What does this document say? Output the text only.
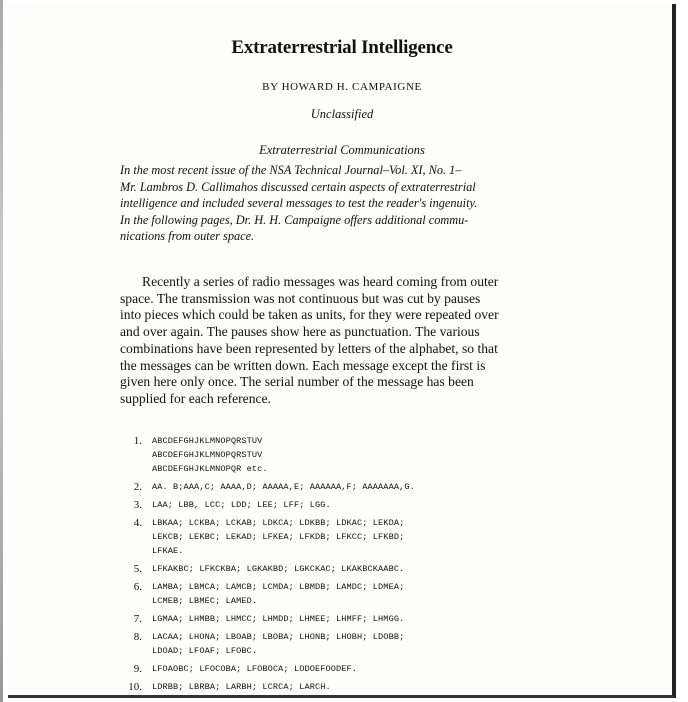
Extraterrestrial Intelligence
BY HOWARD H. CAMPAIGNE
Unclassified
Extraterrestrial Communications
In the most recent issue of the NSA Technical Journal–Vol. XI, No. 1–
Mr. Lambros D. Callimahos discussed certain aspects of extraterrestrial
intelligence and included several messages to test the reader's ingenuity.
In the following pages, Dr. H. H. Campaigne offers additional commu-
nications from outer space.
Recently a series of radio messages was heard coming from outer
space. The transmission was not continuous but was cut by pauses
into pieces which could be taken as units, for they were repeated over
and over again. The pauses show here as punctuation. The various
combinations have been represented by letters of the alphabet, so that
the messages can be written down. Each message except the first is
given here only once. The serial number of the message has been
supplied for each reference.
1. ABCDEFGHJKLMNOPQRSTUV
ABCDEFGHJKLMNOPQRSTUV
ABCDEFGHJKLMNOPQR etc.
2. AA. B;AAA,C; AAAA,D; AAAAA,E; AAAAAA,F; AAAAAAA,G.
3. LAA; LBB, LCC; LDD; LEE; LFF; LGG.
4. LBKAA; LCKBA; LCKAB; LDKCA; LDKBB; LDKAC; LEKDA;
LEKCB; LEKBC; LEKAD; LFKEA; LFKDB; LFKCC; LFKBD;
LFKAE.
5. LFKAKBC; LFKCKBA; LGKAKBD; LGKCKAC; LKAKBCKAABC.
6. LAMBA; LBMCA; LAMCB; LCMDA; LBMDB; LAMDC; LDMEA;
LCMEB; LBMEC; LAMED.
7. LGMAA; LHMBB; LHMCC; LHMDD; LHMEE; LHMFF; LHMGG.
8. LACAA; LHONA; LBOAB; LBOBA; LHONB; LHOBH; LDOBB;
LDOAD; LFOAF; LFOBC.
9. LFOAOBC; LFOCOBA; LFOBOCA; LODOEFOODEF.
10. LDRBB; LBRBA; LARBH; LCRCA; LARCH.
